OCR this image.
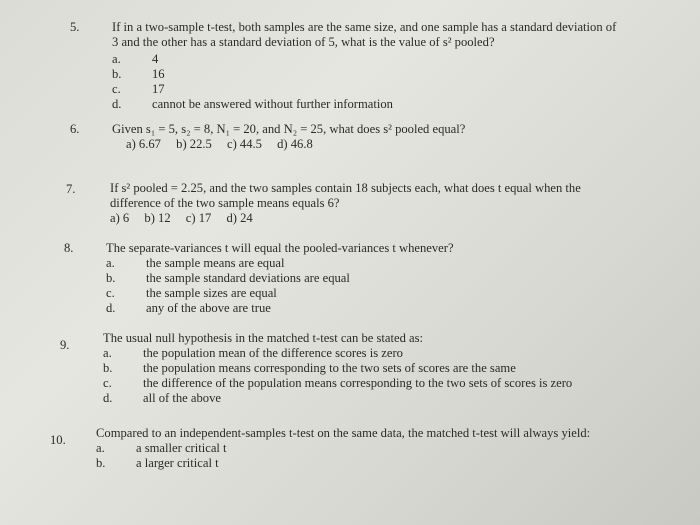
5.	If in a two-sample t-test, both samples are the same size, and one sample has a standard deviation of
3 and the other has a standard deviation of 5, what is the value of s² pooled?
a.	4
b.	16
c.	17
d.	cannot be answered without further information
6.	Given s₁ = 5, s₂ = 8, N₁ = 20, and N₂ = 25, what does s² pooled equal?
a) 6.67 b) 22.5 c) 44.5 d) 46.8
7.	If s² pooled = 2.25, and the two samples contain 18 subjects each, what does t equal when the
difference of the two sample means equals 6?
a) 6 b) 12 c) 17 d) 24
8.	The separate-variances t will equal the pooled-variances t whenever?
a.	the sample means are equal
b.	the sample standard deviations are equal
c.	the sample sizes are equal
d.	any of the above are true
9.	The usual null hypothesis in the matched t-test can be stated as:
a.	the population mean of the difference scores is zero
b.	the population means corresponding to the two sets of scores are the same
c.	the difference of the population means corresponding to the two sets of scores is zero
d.	all of the above
10. Compared to an independent-samples t-test on the same data, the matched t-test will always yield:
a.	a smaller critical t
b.	a larger critical t
